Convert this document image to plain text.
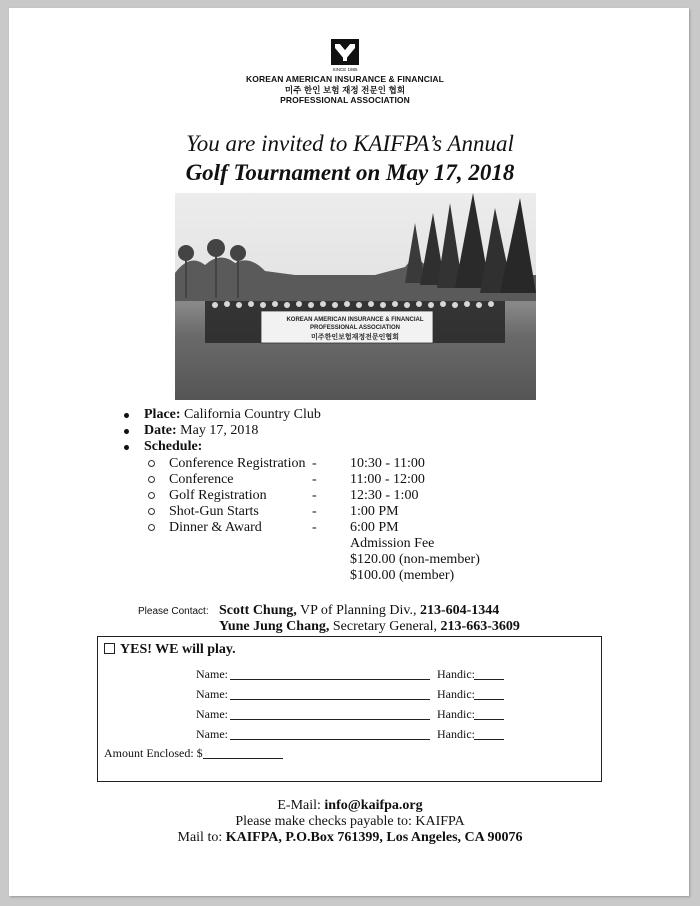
SINCE 1985
KOREAN AMERICAN INSURANCE & FINANCIAL
미주 한인 보험 재정 전문인 협회
PROFESSIONAL ASSOCIATION
You are invited to KAIFPA’s Annual
Golf Tournament on May 17, 2018
KOREAN AMERICAN INSURANCE & FINANCIAL
PROFESSIONAL ASSOCIATION
미주한인보험재정전문인협회
Place: California Country Club
Date: May 17, 2018
Schedule:
Conference Registration - 10:30 - 11:00
Conference	- 11:00 - 12:00
Golf Registration	- 12:30 - 1:00
Shot-Gun Starts	- 1:00 PM
Dinner & Award	- 6:00 PM
Admission Fee
$120.00 (non-member)
$100.00 (member)
Please Contact: Scott Chung, VP of Planning Div., 213-604-1344
Yune Jung Chang, Secretary General, 213-663-3609
YES! WE will play.
Name:	Handic:
Name:	Handic:
Name:	Handic:
Name:	Handic:
Amount Enclosed: $
E-Mail: info@kaifpa.org
Please make checks payable to: KAIFPA
Mail to: KAIFPA, P.O.Box 761399, Los Angeles, CA 90076
